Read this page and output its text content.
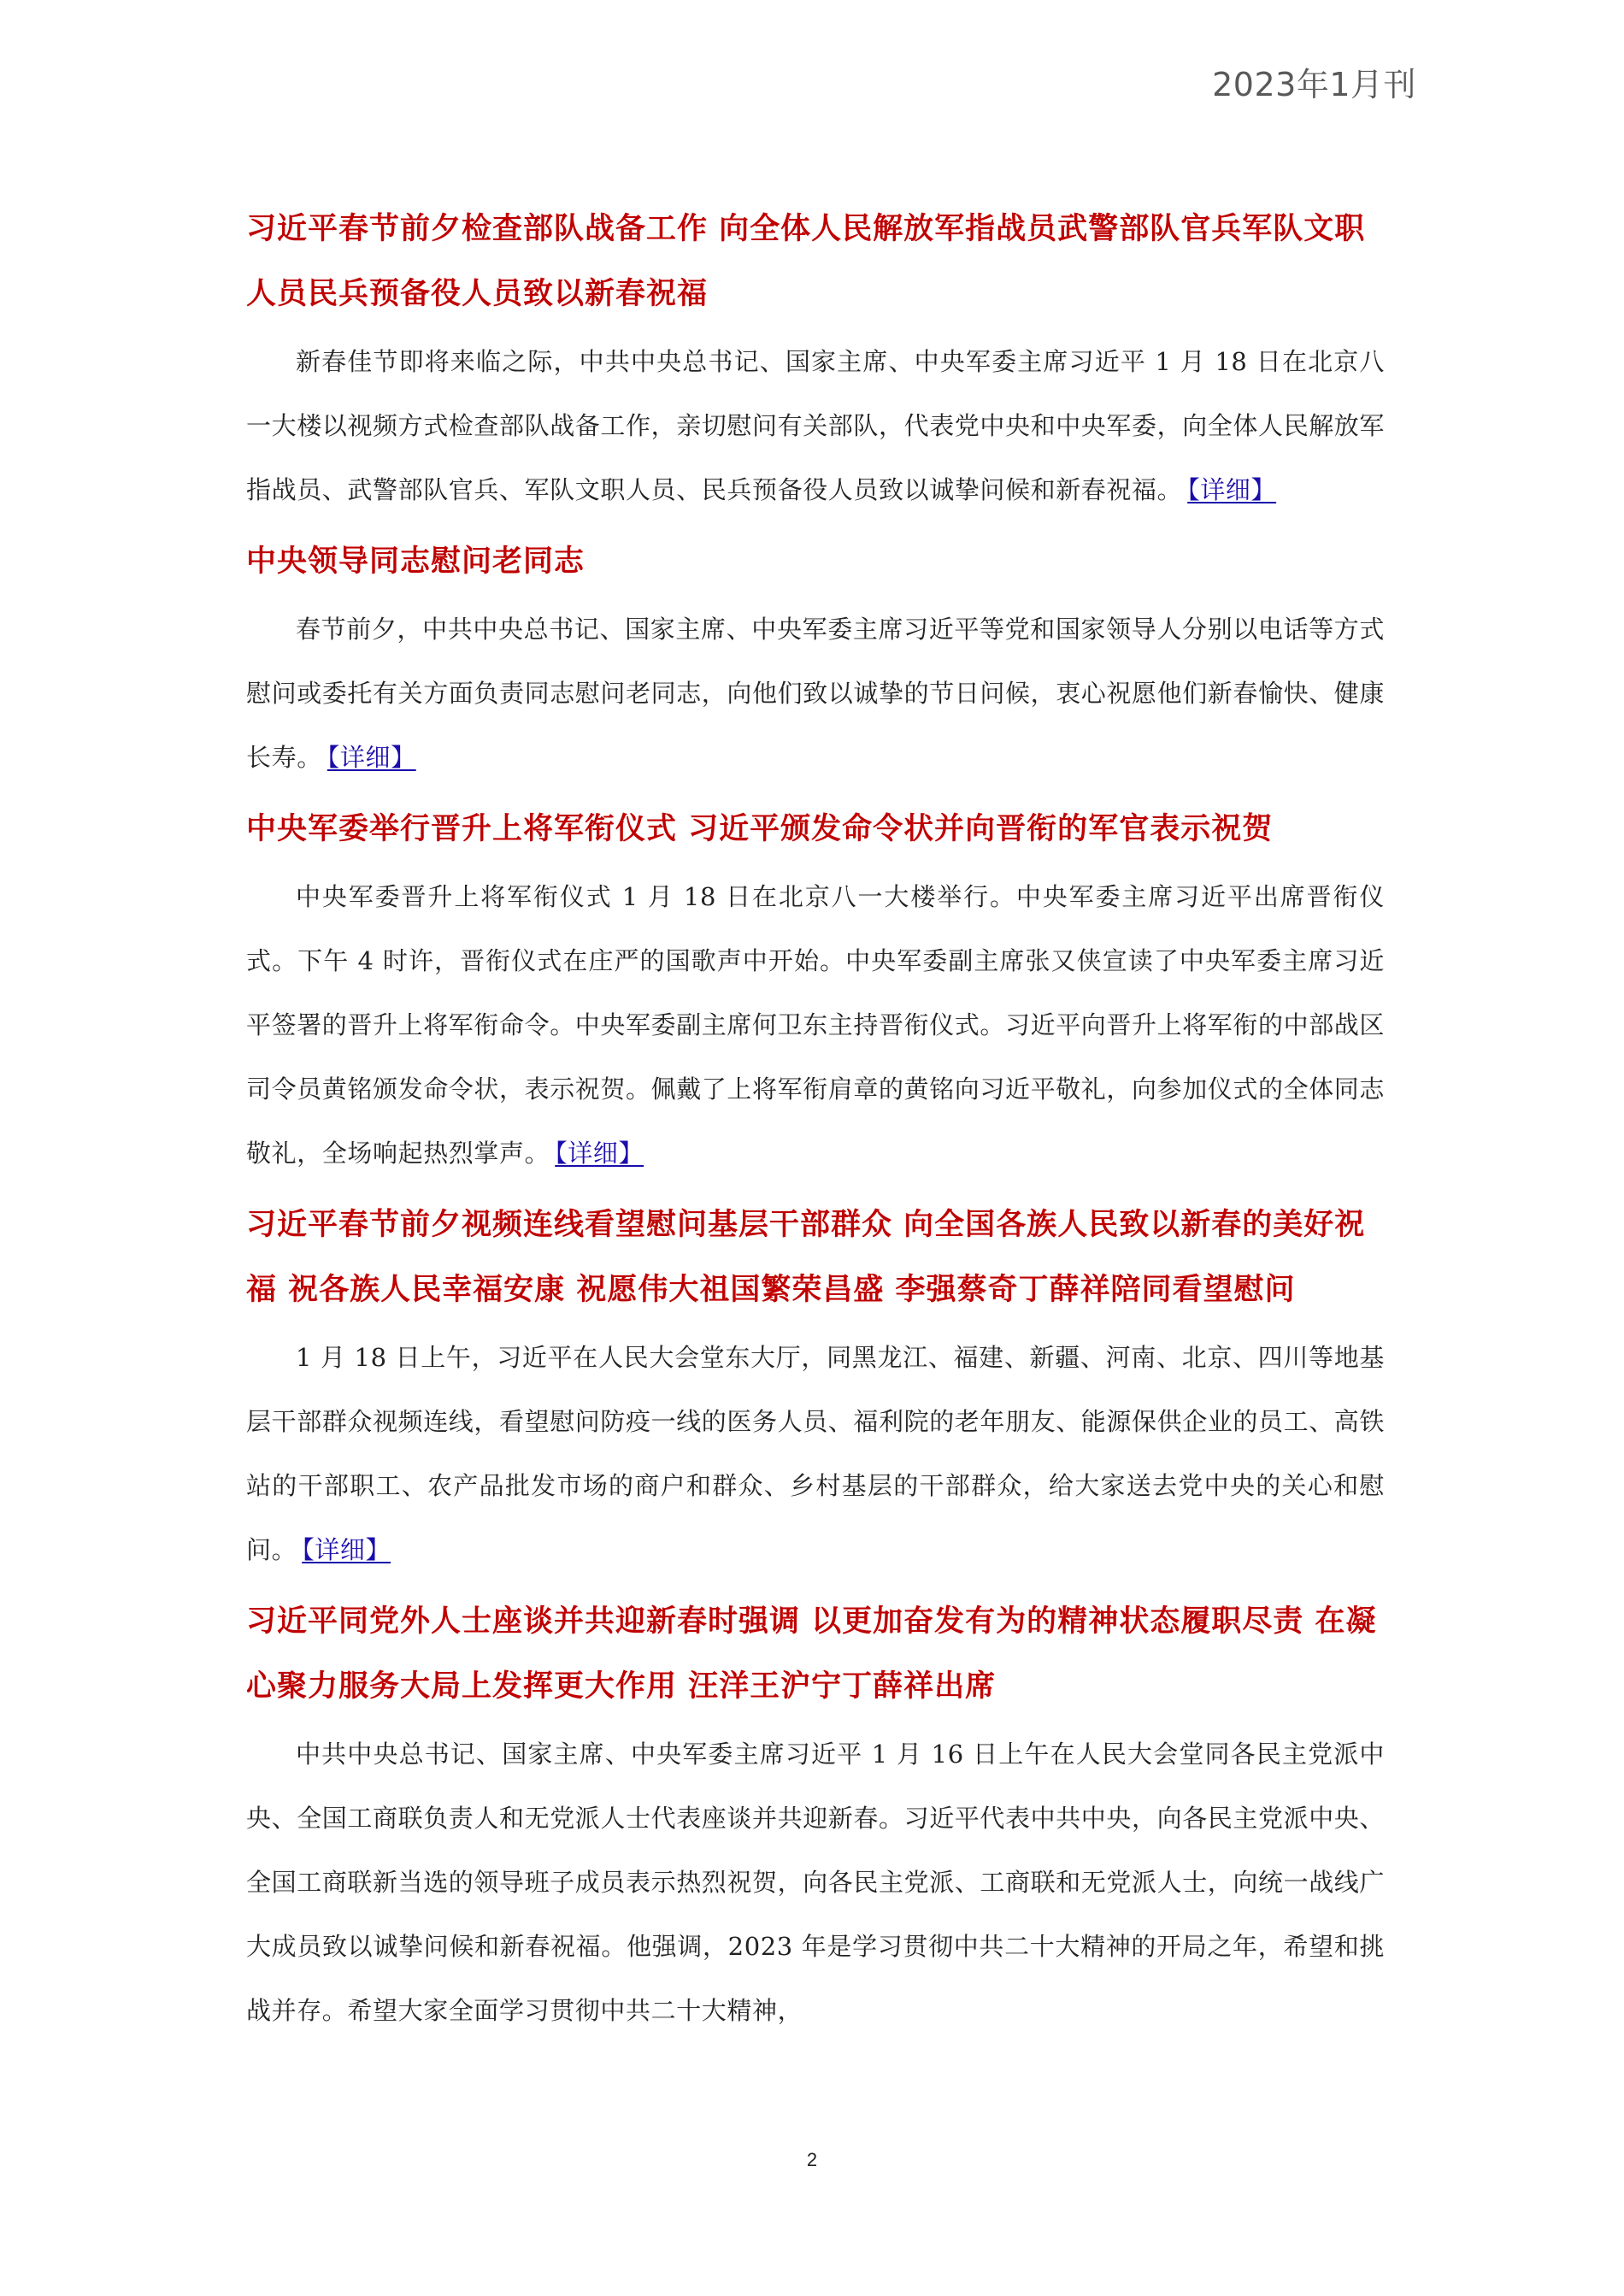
2023年1月刊
习近平春节前夕检查部队战备工作 向全体人民解放军指战员武警部队官兵军队文职人员民兵预备役人员致以新春祝福

新春佳节即将来临之际，中共中央总书记、国家主席、中央军委主席习近平 1 月 18 日在北京八一大楼以视频方式检查部队战备工作，亲切慰问有关部队，代表党中央和中央军委，向全体人民解放军指战员、武警部队官兵、军队文职人员、民兵预备役人员致以诚挚问候和新春祝福。 【详细】

中央领导同志慰问老同志

春节前夕，中共中央总书记、国家主席、中央军委主席习近平等党和国家领导人分别以电话等方式慰问或委托有关方面负责同志慰问老同志，向他们致以诚挚的节日问候，衷心祝愿他们新春愉快、健康长寿。 【详细】

中央军委举行晋升上将军衔仪式 习近平颁发命令状并向晋衔的军官表示祝贺

中央军委晋升上将军衔仪式 1 月 18 日在北京八一大楼举行。中央军委主席习近平出席晋衔仪式。下午 4 时许，晋衔仪式在庄严的国歌声中开始。中央军委副主席张又侠宣读了中央军委主席习近平签署的晋升上将军衔命令。中央军委副主席何卫东主持晋衔仪式。习近平向晋升上将军衔的中部战区司令员黄铭颁发命令状，表示祝贺。佩戴了上将军衔肩章的黄铭向习近平敬礼，向参加仪式的全体同志敬礼，全场响起热烈掌声。 【详细】

习近平春节前夕视频连线看望慰问基层干部群众 向全国各族人民致以新春的美好祝福 祝各族人民幸福安康 祝愿伟大祖国繁荣昌盛 李强蔡奇丁薛祥陪同看望慰问

1 月 18 日上午，习近平在人民大会堂东大厅，同黑龙江、福建、新疆、河南、北京、四川等地基层干部群众视频连线，看望慰问防疫一线的医务人员、福利院的老年朋友、能源保供企业的员工、高铁站的干部职工、农产品批发市场的商户和群众、乡村基层的干部群众，给大家送去党中央的关心和慰问。 【详细】

习近平同党外人士座谈并共迎新春时强调 以更加奋发有为的精神状态履职尽责 在凝心聚力服务大局上发挥更大作用 汪洋王沪宁丁薛祥出席

中共中央总书记、国家主席、中央军委主席习近平 1 月 16 日上午在人民大会堂同各民主党派中央、全国工商联负责人和无党派人士代表座谈并共迎新春。习近平代表中共中央，向各民主党派中央、全国工商联新当选的领导班子成员表示热烈祝贺，向各民主党派、工商联和无党派人士，向统一战线广大成员致以诚挚问候和新春祝福。他强调，2023 年是学习贯彻中共二十大精神的开局之年，希望和挑战并存。希望大家全面学习贯彻中共二十大精神，

2
